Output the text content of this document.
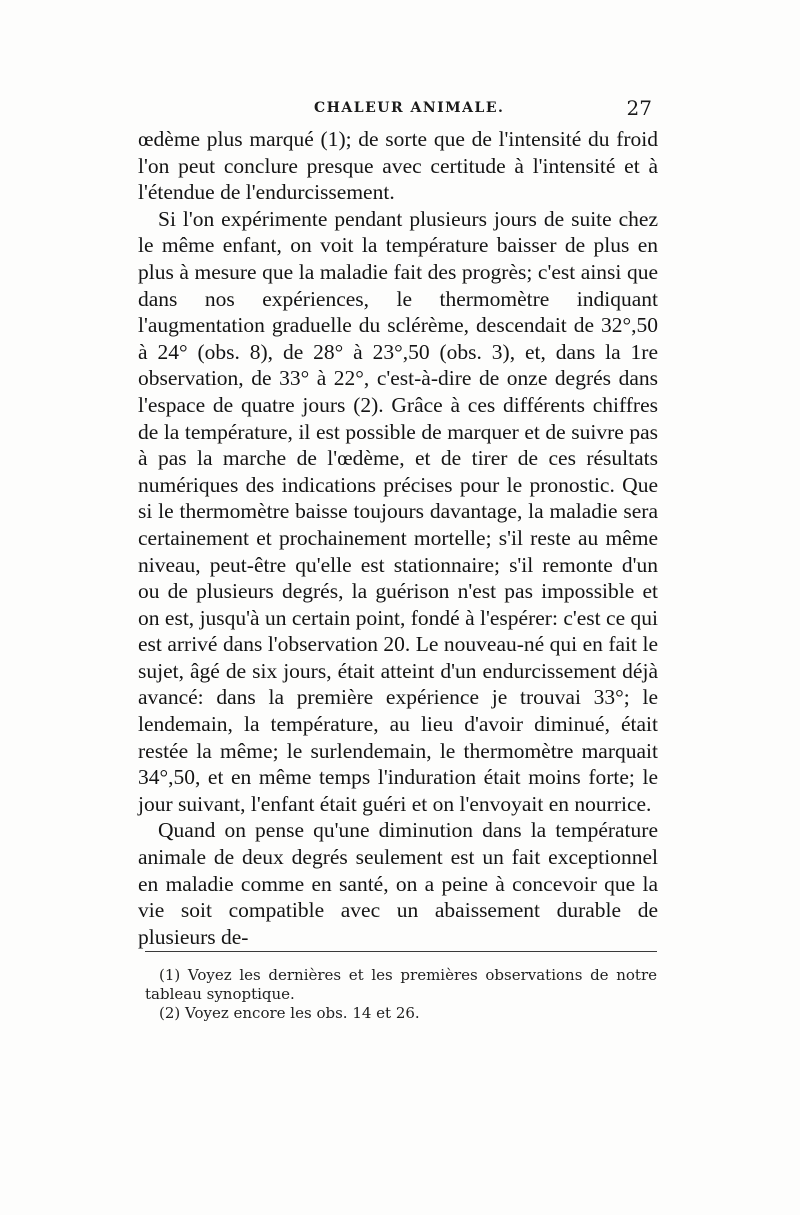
CHALEUR ANIMALE.	27

œdème plus marqué (1); de sorte que de l'intensité du froid l'on peut conclure presque avec certitude à l'intensité et à l'étendue de l'endurcissement.

Si l'on expérimente pendant plusieurs jours de suite chez le même enfant, on voit la température baisser de plus en plus à mesure que la maladie fait des progrès; c'est ainsi que dans nos expériences, le thermomètre indiquant l'augmentation graduelle du sclérème, descendait de 32°,50 à 24° (obs. 8), de 28° à 23°,50 (obs. 3), et, dans la 1re observation, de 33° à 22°, c'est-à-dire de onze degrés dans l'espace de quatre jours (2). Grâce à ces différents chiffres de la température, il est possible de marquer et de suivre pas à pas la marche de l'œdème, et de tirer de ces résultats numériques des indications précises pour le pronostic. Que si le thermomètre baisse toujours davantage, la maladie sera certainement et prochainement mortelle; s'il reste au même niveau, peut-être qu'elle est stationnaire; s'il remonte d'un ou de plusieurs degrés, la guérison n'est pas impossible et on est, jusqu'à un certain point, fondé à l'espérer: c'est ce qui est arrivé dans l'observation 20. Le nouveau-né qui en fait le sujet, âgé de six jours, était atteint d'un endurcissement déjà avancé: dans la première expérience je trouvai 33°; le lendemain, la température, au lieu d'avoir diminué, était restée la même; le surlendemain, le thermomètre marquait 34°,50, et en même temps l'induration était moins forte; le jour suivant, l'enfant était guéri et on l'envoyait en nourrice.

Quand on pense qu'une diminution dans la température animale de deux degrés seulement est un fait exceptionnel en maladie comme en santé, on a peine à concevoir que la vie soit compatible avec un abaissement durable de plusieurs de-

(1) Voyez les dernières et les premières observations de notre tableau synoptique.

(2) Voyez encore les obs. 14 et 26.
